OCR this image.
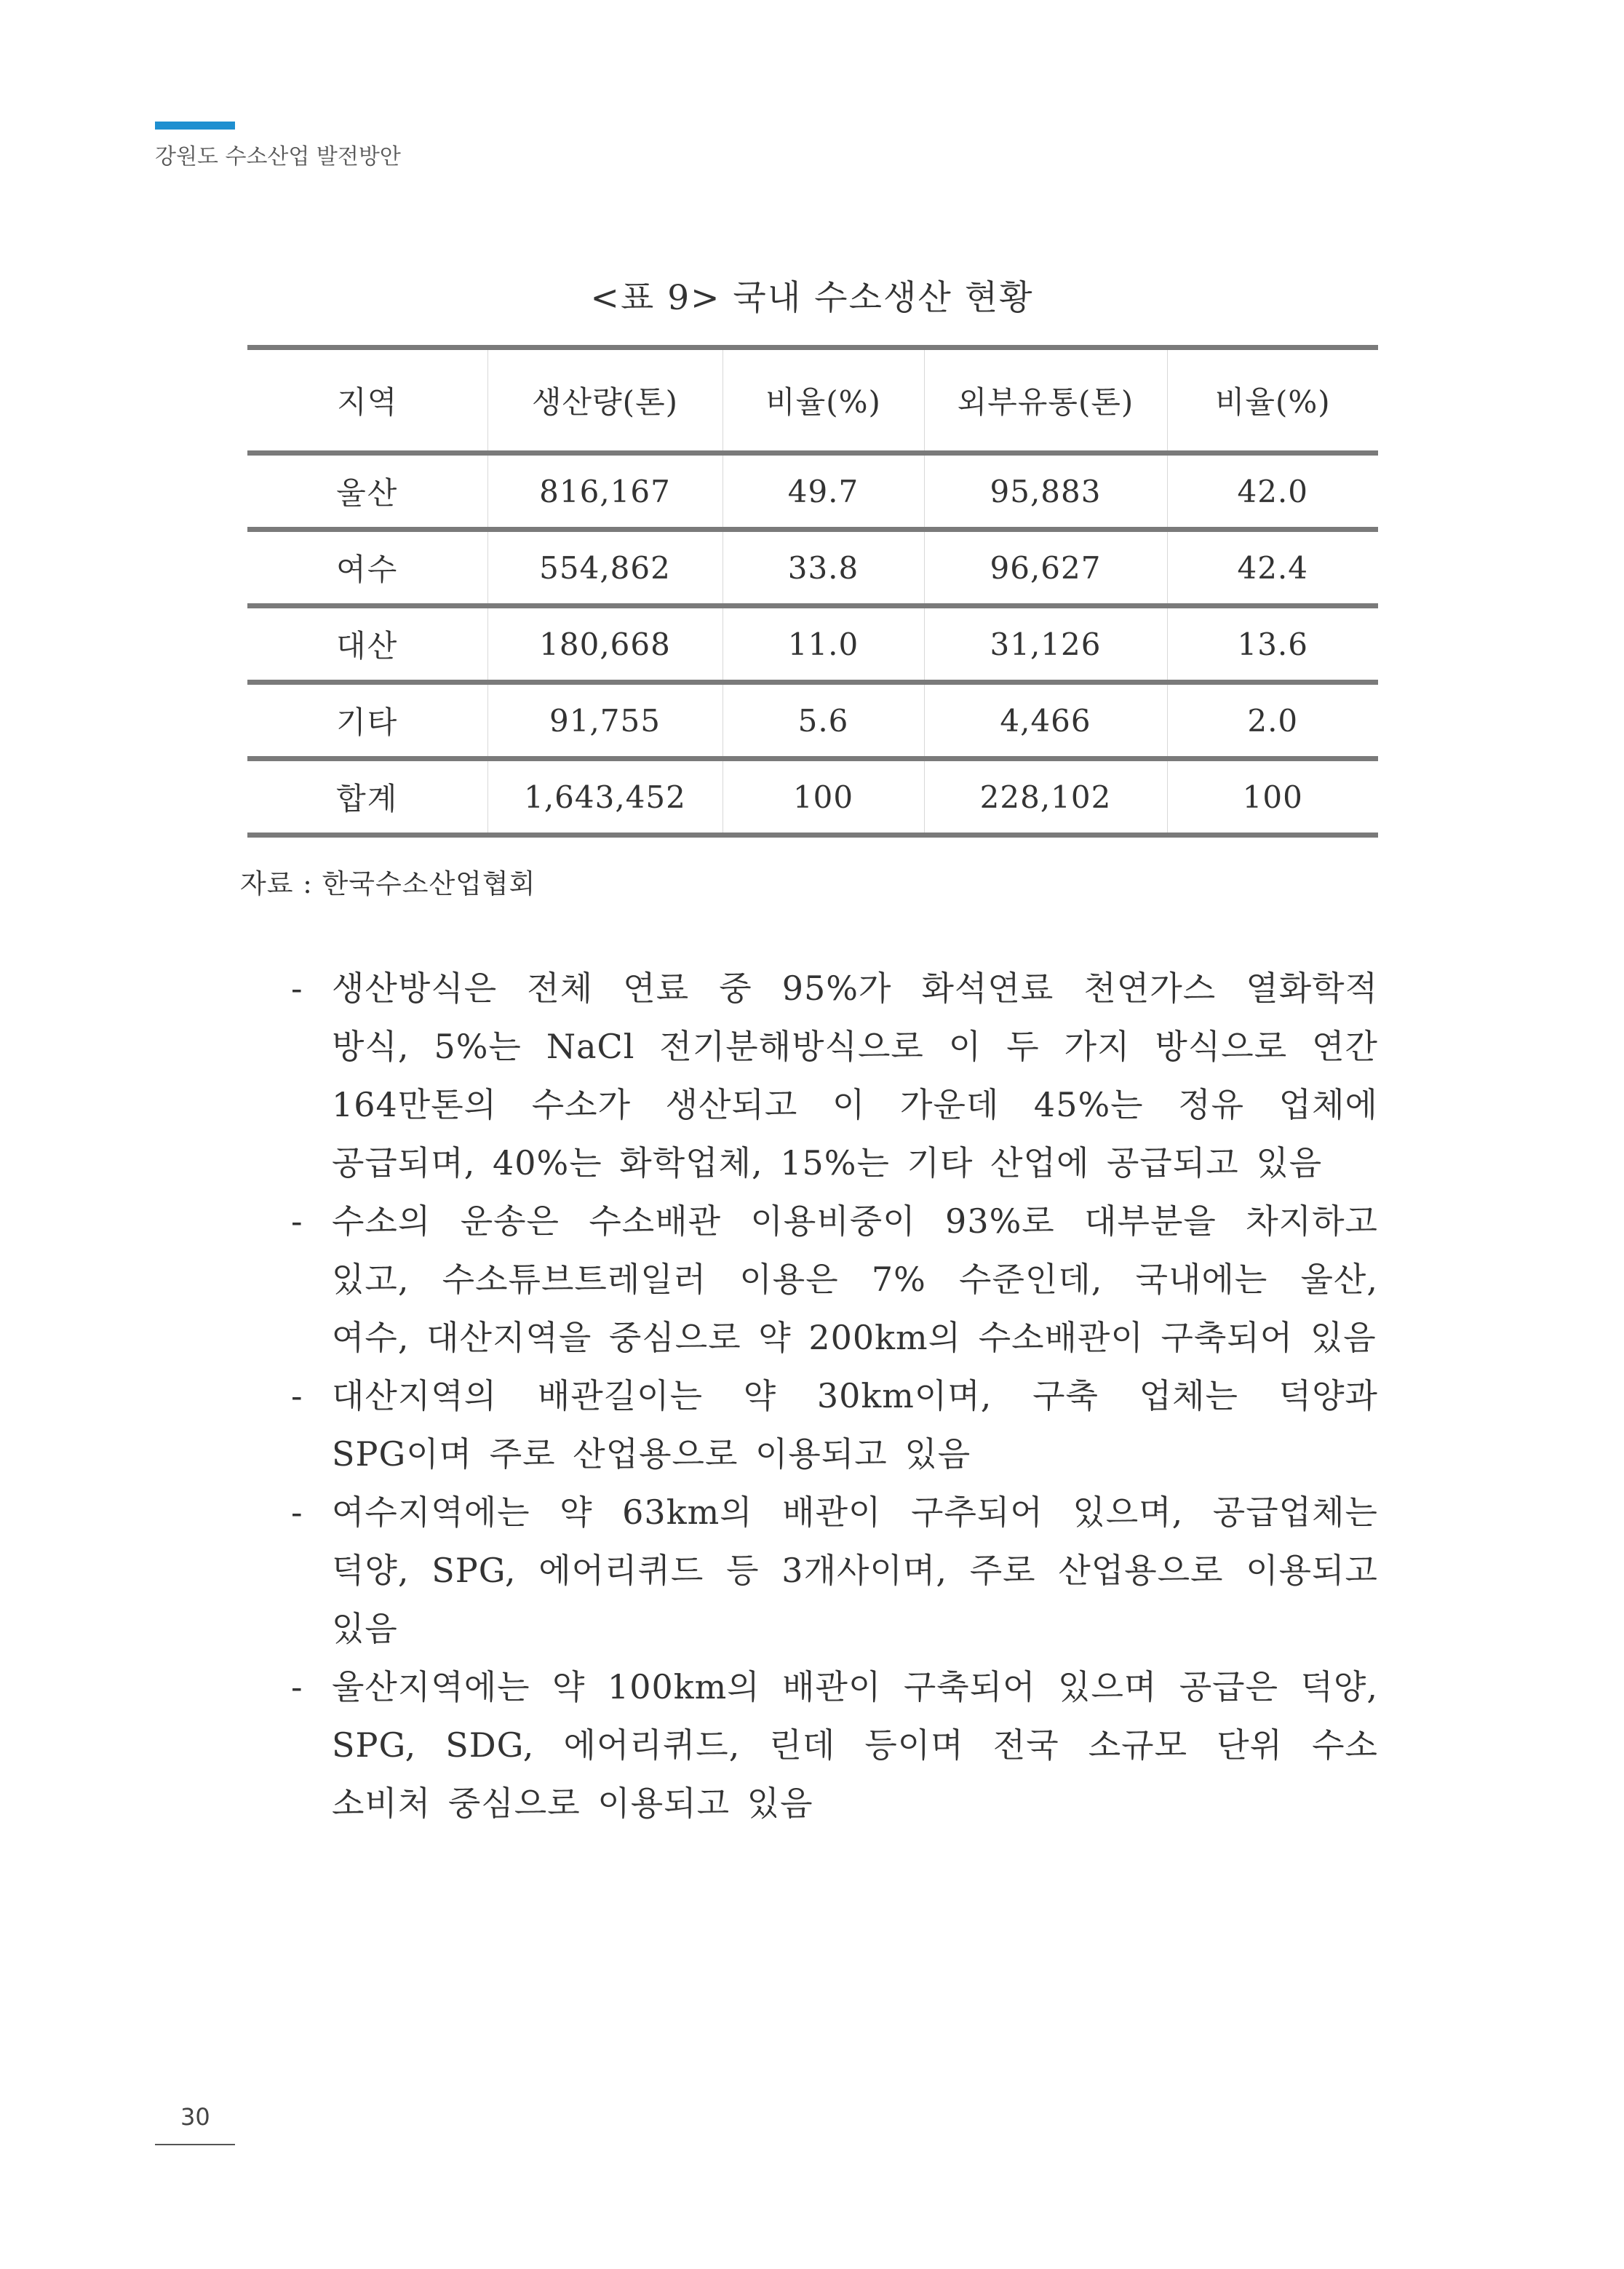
강원도 수소산업 발전방안
<표 9> 국내 수소생산 현황
지역	생산량(톤)	비율(%)	외부유통(톤)	비율(%)
울산	816,167	49.7	95,883	42.0
여수	554,862	33.8	96,627	42.4
대산	180,668	11.0	31,126	13.6
기타	91,755	5.6	4,466	2.0
합계	1,643,452	100	228,102	100
자료 : 한국수소산업협회
- 생산방식은 전체 연료 중 95%가 화석연료 천연가스 열화학적 방식, 5%는 NaCl 전기분해방식으로 이 두 가지 방식으로 연간 164만톤의 수소가 생산되고 이 가운데 45%는 정유 업체에 공급되며, 40%는 화학업체, 15%는 기타 산업에 공급되고 있음
- 수소의 운송은 수소배관 이용비중이 93%로 대부분을 차지하고 있고, 수소튜브트레일러 이용은 7% 수준인데, 국내에는 울산, 여수, 대산지역을 중심으로 약 200km의 수소배관이 구축되어 있음
- 대산지역의 배관길이는 약 30km이며, 구축 업체는 덕양과 SPG이며 주로 산업용으로 이용되고 있음
- 여수지역에는 약 63km의 배관이 구추되어 있으며, 공급업체는 덕양, SPG, 에어리퀴드 등 3개사이며, 주로 산업용으로 이용되고 있음
- 울산지역에는 약 100km의 배관이 구축되어 있으며 공급은 덕양, SPG, SDG, 에어리퀴드, 린데 등이며 전국 소규모 단위 수소 소비처 중심으로 이용되고 있음
30
